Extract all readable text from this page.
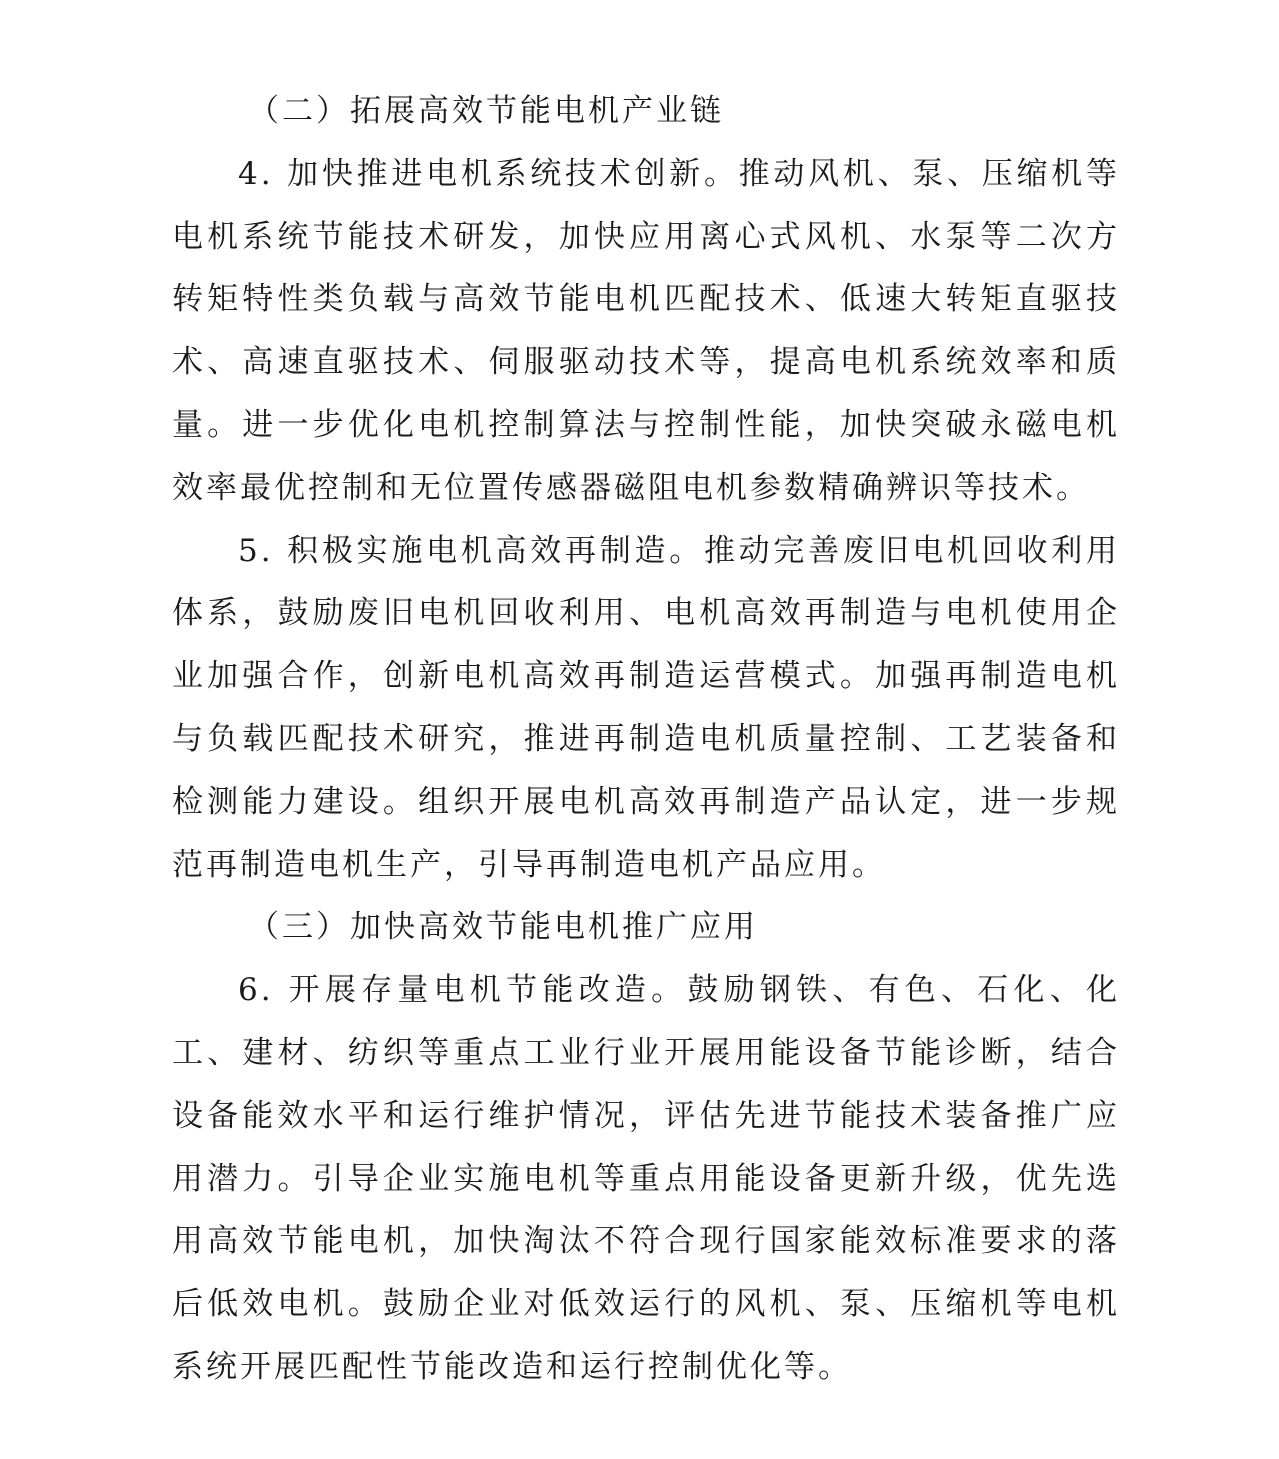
（二）拓展高效节能电机产业链

4. 加快推进电机系统技术创新。推动风机、泵、压缩机等电机系统节能技术研发，加快应用离心式风机、水泵等二次方转矩特性类负载与高效节能电机匹配技术、低速大转矩直驱技术、高速直驱技术、伺服驱动技术等，提高电机系统效率和质量。进一步优化电机控制算法与控制性能，加快突破永磁电机效率最优控制和无位置传感器磁阻电机参数精确辨识等技术。

5. 积极实施电机高效再制造。推动完善废旧电机回收利用体系，鼓励废旧电机回收利用、电机高效再制造与电机使用企业加强合作，创新电机高效再制造运营模式。加强再制造电机与负载匹配技术研究，推进再制造电机质量控制、工艺装备和检测能力建设。组织开展电机高效再制造产品认定，进一步规范再制造电机生产，引导再制造电机产品应用。

（三）加快高效节能电机推广应用

6. 开展存量电机节能改造。鼓励钢铁、有色、石化、化工、建材、纺织等重点工业行业开展用能设备节能诊断，结合设备能效水平和运行维护情况，评估先进节能技术装备推广应用潜力。引导企业实施电机等重点用能设备更新升级，优先选用高效节能电机，加快淘汰不符合现行国家能效标准要求的落后低效电机。鼓励企业对低效运行的风机、泵、压缩机等电机系统开展匹配性节能改造和运行控制优化等。
